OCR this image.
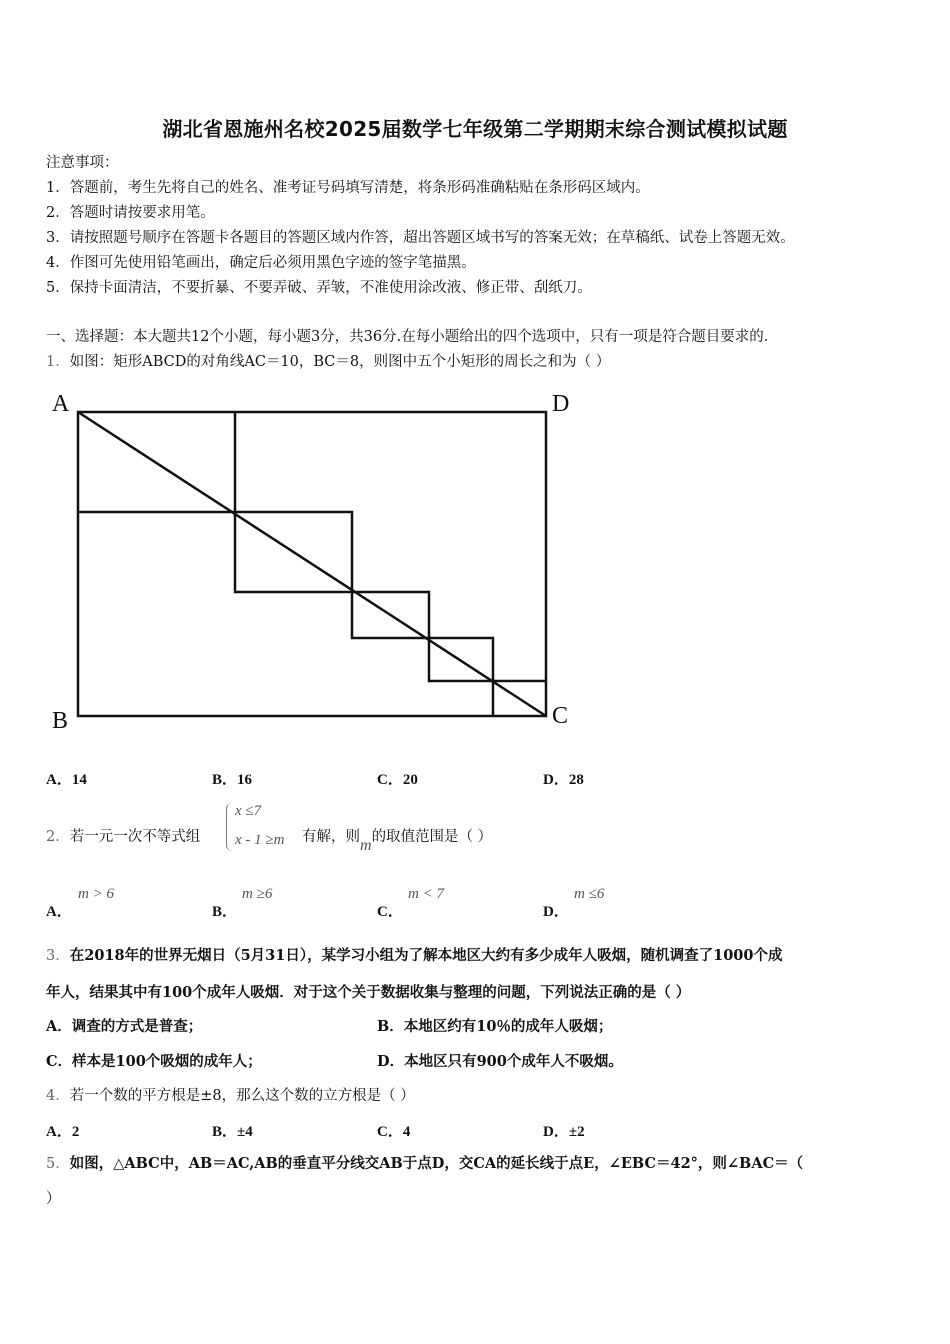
湖北省恩施州名校2025届数学七年级第二学期期末综合测试模拟试题
注意事项：
1．答题前，考生先将自己的姓名、准考证号码填写清楚，将条形码准确粘贴在条形码区域内。
2．答题时请按要求用笔。
3．请按照题号顺序在答题卡各题目的答题区域内作答，超出答题区域书写的答案无效；在草稿纸、试卷上答题无效。
4．作图可先使用铅笔画出，确定后必须用黑色字迹的签字笔描黑。
5．保持卡面清洁，不要折暴、不要弄破、弄皱，不准使用涂改液、修正带、刮纸刀。
一、选择题：本大题共12个小题，每小题3分，共36分.在每小题给出的四个选项中，只有一项是符合题目要求的.
1．如图：矩形ABCD的对角线AC＝10，BC＝8，则图中五个小矩形的周长之和为（ ）
A	D
B	C
A．14	B．16	C．20	D．28
2．若一元一次不等式组
x ≤7
x - 1 ≥m 有解，则m的取值范围是（ ）
A．
m > 6
B．
m ≥6
C．
m < 7
D．
m ≤6
3．在2018年的世界无烟日（5月31日），某学习小组为了解本地区大约有多少成年人吸烟，随机调查了1000个成
年人，结果其中有100个成年人吸烟．对于这个关于数据收集与整理的问题，下列说法正确的是（ ）
A．调查的方式是普查；	B．本地区约有10％的成年人吸烟；
C．样本是100个吸烟的成年人；	D．本地区只有900个成年人不吸烟。
4．若一个数的平方根是±8，那么这个数的立方根是（ ）
A．2	B．±4	C．4	D．±2
5．如图，△ABC中，AB＝AC,AB的垂直平分线交AB于点D，交CA的延长线于点E，∠EBC＝42°，则∠BAC＝（
）
